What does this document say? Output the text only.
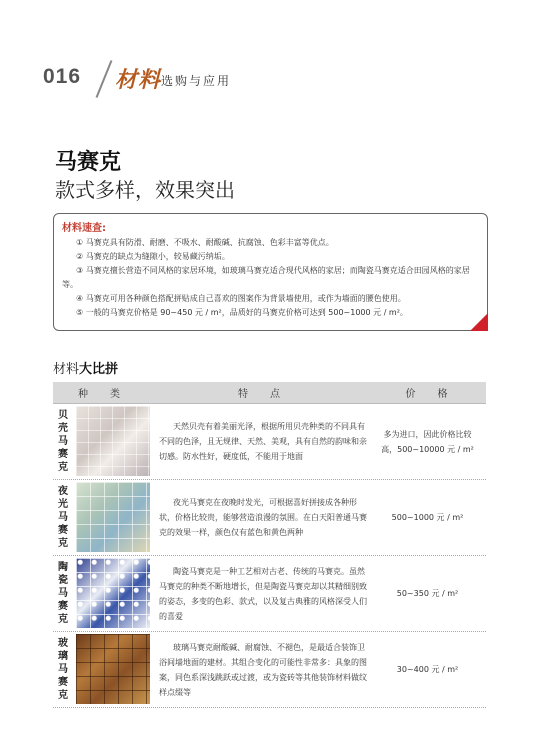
016 材料 选购与应用
马赛克
款式多样，效果突出
材料速查:
① 马赛克具有防滑、耐磨、不吸水、耐酸碱、抗腐蚀、色彩丰富等优点。
② 马赛克的缺点为缝隙小，较易藏污纳垢。
③ 马赛克擅长营造不同风格的家居环境，如玻璃马赛克适合现代风格的家居；而陶瓷马赛克适合田园风格的家居等。
④ 马赛克可用各种颜色搭配拼贴成自己喜欢的图案作为背景墙使用，或作为墙面的腰色使用。
⑤ 一般的马赛克价格是 90~450 元 / m²，品质好的马赛克价格可达到 500~1000 元 / m²。
材料大比拼
种　类	特　点	价　格
贝壳马赛克
天然贝壳有着美丽光泽，根据所用贝壳种类的不同具有不同的色泽，且无规律、天然、美观，具有自然的韵味和亲切感。防水性好，硬度低，不能用于地面
多为进口，因此价格比较高，500~10000 元 / m²
夜光马赛克
夜光马赛克在夜晚时发光，可根据喜好拼接成各种形状，价格比较贵，能够营造浪漫的氛围。在白天阳普通马赛克的效果一样，颜色仅有蓝色和黄色两种
500~1000 元 / m²
陶瓷马赛克
陶瓷马赛克是一种工艺相对古老、传统的马赛克。虽然马赛克的种类不断地增长，但是陶瓷马赛克却以其精细别致的姿态，多变的色彩、款式，以及复古典雅的风格深受人们的喜爱
50~350 元 / m²
玻璃马赛克
玻璃马赛克耐酸碱、耐腐蚀、不褪色，是最适合装饰卫浴间墙地面的建材。其组合变化的可能性非常多：具象的图案，同色系深浅跳跃或过渡，或为瓷砖等其他装饰材料做纹样点缀等
30~400 元 / m²
